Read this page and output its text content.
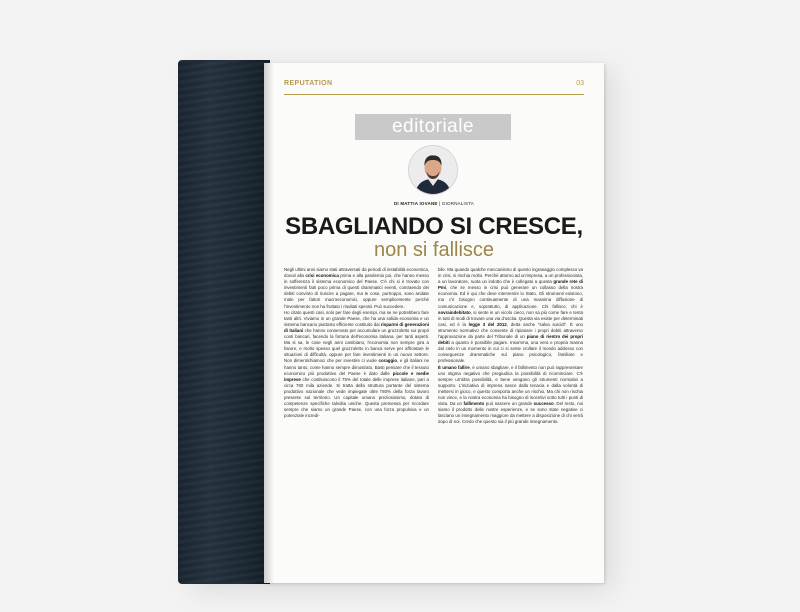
REPUTATION	03
editoriale
DI MATTIA IOVANE | GIORNALISTA
SBAGLIANDO SI CRESCE,
non si fallisce

Negli ultimi anni siamo stati attraversati da periodi di instabilità economica, dovuti alla crisi economica prima e alla pandemia poi, che hanno messo in sofferenza il sistema economico del Paese. C'è chi si è trovato con investimenti fatti poco prima di questi drammatici eventi, contraendo dei debiti convinto di riuscire a pagare, ma le cose, purtroppo, sono andate male per fattori macroeconomici, oppure semplicemente perché l'investimento non ha fruttato i risultati sperati. Può succedere.

Ho citato questi casi, solo per fare degli esempi, ma se ne potrebbero fare tanti altri. Viviamo in un grande Paese, che ha una solida economia e un sistema bancario piuttosto efficiente costituito dai risparmi di generazioni di italiani che hanno conservato per accumulare un gruzzoletto sui propri conti bancari, facendo la fortuna dell'economia italiana, per tanti aspetti. Ma si sa, le cose negli anni cambiano, l'economia non sempre gira a favore, e molto spesso quel gruzzoletto in banca serve per affrontare le situazioni di difficoltà, oppure per fare investimenti in un nuovo settore. Non dimentichiamoci che per investire ci vuole coraggio, e gli italiani ne hanno tanto, come hanno sempre dimostrato. Basti pensare che il tessuto economico più produttivo del Paese è dato dalle piccole e medie imprese che costituiscono il 75% del totale delle imprese italiane, pari a circa 760 mila aziende. Si tratta della struttura portante del sistema produttivo nazionale che vede impiegate oltre l'80% della forza lavoro presente sul territorio. Un capitale umano preziosissimo, dotato di competenze specifiche talvolta uniche. Questa premessa per ricordare sempre che siamo un grande Paese, con una forza propulsiva e un potenziale incredi-

bile. Ma quando qualche meccanismo di questo ingranaggio complesso va in crisi, si rischia molto. Perché attorno ad un'impresa, a un professionista, a un lavoratore, ruota un indotto che è collegato a questa grande rete di Pmi, che se messo in crisi può generare un collasso della nostra economia. Ed è qui che deve intervenire lo Stato. Gli strumenti esistono, ma c'è bisogno continuamente di una massima diffusione di comunicazione e, soprattutto, di applicazione. Chi fallisce, chi è sovraindebitato, si sente in un vicolo cieco, non sa più come fare e tenta in tutti di modi di trovare una via d'uscita. Questa via esiste per determinati casi, ed è la legge 3 del 2012, detta anche "salva suicidi". È uno strumento normativo che consente di ripianare i propri debiti attraverso l'approvazione da parte del Tribunale di un piano di rientro dei propri debiti a quanto è possibile pagare. Insomma, una vera e propria manna dal cielo in un momento in cui ci si sente crollare il mondo addosso con conseguenze drammatiche sul piano psicologico, familiare e professionale.

È umano fallire, è umano sbagliare, e il fallimento non può rappresentare uno stigma negativo che pregiudica la possibilità di ricominciare. C'è sempre un'altra possibilità, e bene vengano gli strumenti normativi a supporto. L'iniziativa di impresa nasce dalla tenacia e dalla volontà di mettersi in gioco, e questo comporta anche un rischio. Ma chi non rischia non vince, e la nostra economia ha bisogno di incentivi sotto tutti i punti di vista. Da un fallimento può nascere un grande successo. Del resto, noi siamo il prodotto delle nostre esperienze, e se sono state negative ci lasciano un insegnamento maggiore da mettere a disposizione di chi verrà dopo di noi. Credo che questo sia il più grande insegnamento.
